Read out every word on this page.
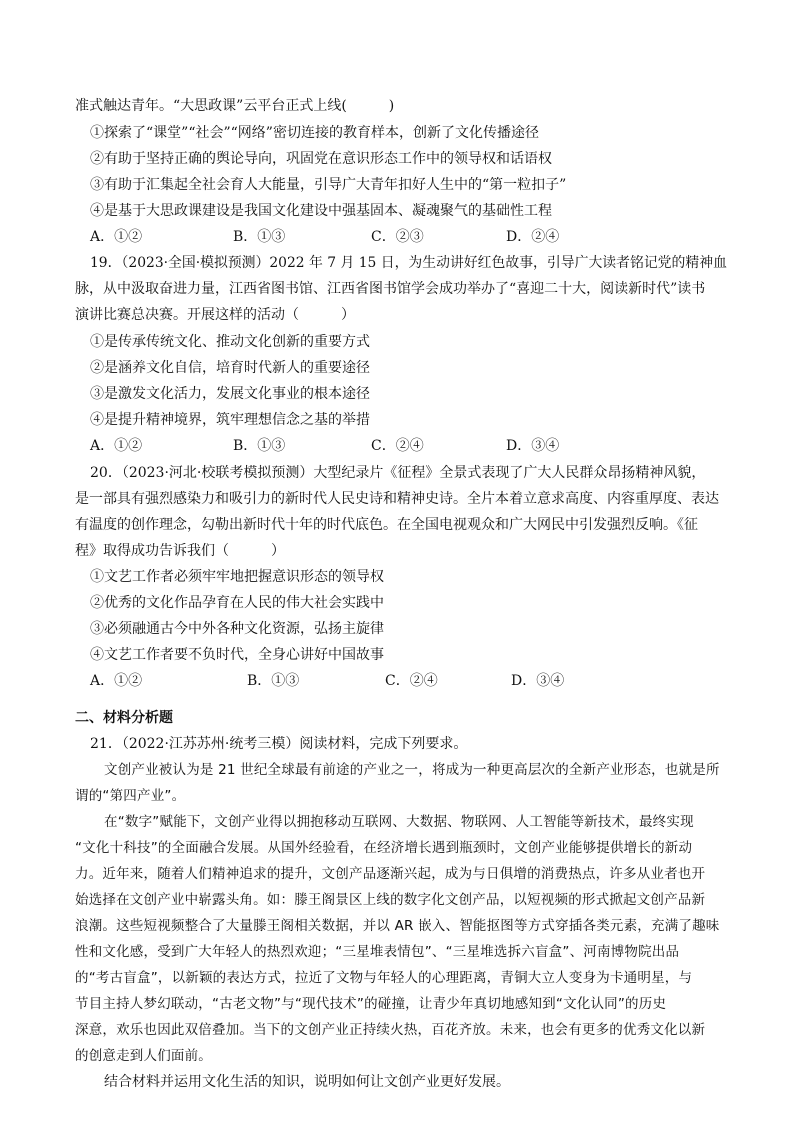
准式触达青年。“大思政课”云平台正式上线(　　　)
①探索了“课堂”“社会”“网络”密切连接的教育样本，创新了文化传播途径
②有助于坚持正确的舆论导向，巩固党在意识形态工作中的领导权和话语权
③有助于汇集起全社会育人大能量，引导广大青年扣好人生中的“第一粒扣子”
④是基于大思政课建设是我国文化建设中强基固本、凝魂聚气的基础性工程
A．①②	B．①③	C．②③	D．②④
19．（2023·全国·模拟预测）2022 年 7 月 15 日，为生动讲好红色故事，引导广大读者铭记党的精神血
脉，从中汲取奋进力量，江西省图书馆、江西省图书馆学会成功举办了“喜迎二十大，阅读新时代”读书
演讲比赛总决赛。开展这样的活动（　　　）
①是传承传统文化、推动文化创新的重要方式
②是涵养文化自信，培育时代新人的重要途径
③是激发文化活力，发展文化事业的根本途径
④是提升精神境界，筑牢理想信念之基的举措
A．①②	B．①③	C．②④	D．③④
20．（2023·河北·校联考模拟预测）大型纪录片《征程》全景式表现了广大人民群众昂扬精神风貌，
是一部具有强烈感染力和吸引力的新时代人民史诗和精神史诗。全片本着立意求高度、内容重厚度、表达
有温度的创作理念，勾勒出新时代十年的时代底色。在全国电视观众和广大网民中引发强烈反响。《征
程》取得成功告诉我们（　　　）
①文艺工作者必须牢牢地把握意识形态的领导权
②优秀的文化作品孕育在人民的伟大社会实践中
③必须融通古今中外各种文化资源，弘扬主旋律
④文艺工作者要不负时代，全身心讲好中国故事
A．①②	B．①③	C．②④	D．③④
二、材料分析题
21．（2022·江苏苏州·统考三模）阅读材料，完成下列要求。
文创产业被认为是 21 世纪全球最有前途的产业之一，将成为一种更高层次的全新产业形态，也就是所
谓的“第四产业”。
在“数字”赋能下，文创产业得以拥抱移动互联网、大数据、物联网、人工智能等新技术，最终实现
“文化十科技”的全面融合发展。从国外经验看，在经济增长遇到瓶颈时，文创产业能够提供增长的新动
力。近年来，随着人们精神追求的提升，文创产品逐渐兴起，成为与日俱增的消费热点，许多从业者也开
始选择在文创产业中崭露头角。如：滕王阁景区上线的数字化文创产品，以短视频的形式掀起文创产品新
浪潮。这些短视频整合了大量滕王阁相关数据，并以 AR 嵌入、智能抠图等方式穿插各类元素，充满了趣味
性和文化感，受到广大年轻人的热烈欢迎；“三星堆表情包”、“三星堆选拆六盲盒”、河南博物院出品
的“考古盲盒”，以新颖的表达方式，拉近了文物与年轻人的心理距离，青铜大立人变身为卡通明星，与
节目主持人梦幻联动，“古老文物”与“现代技术”的碰撞，让青少年真切地感知到“文化认同”的历史
深意，欢乐也因此双倍叠加。当下的文创产业正持续火热，百花齐放。未来，也会有更多的优秀文化以新
的创意走到人们面前。
结合材料并运用文化生活的知识，说明如何让文创产业更好发展。
